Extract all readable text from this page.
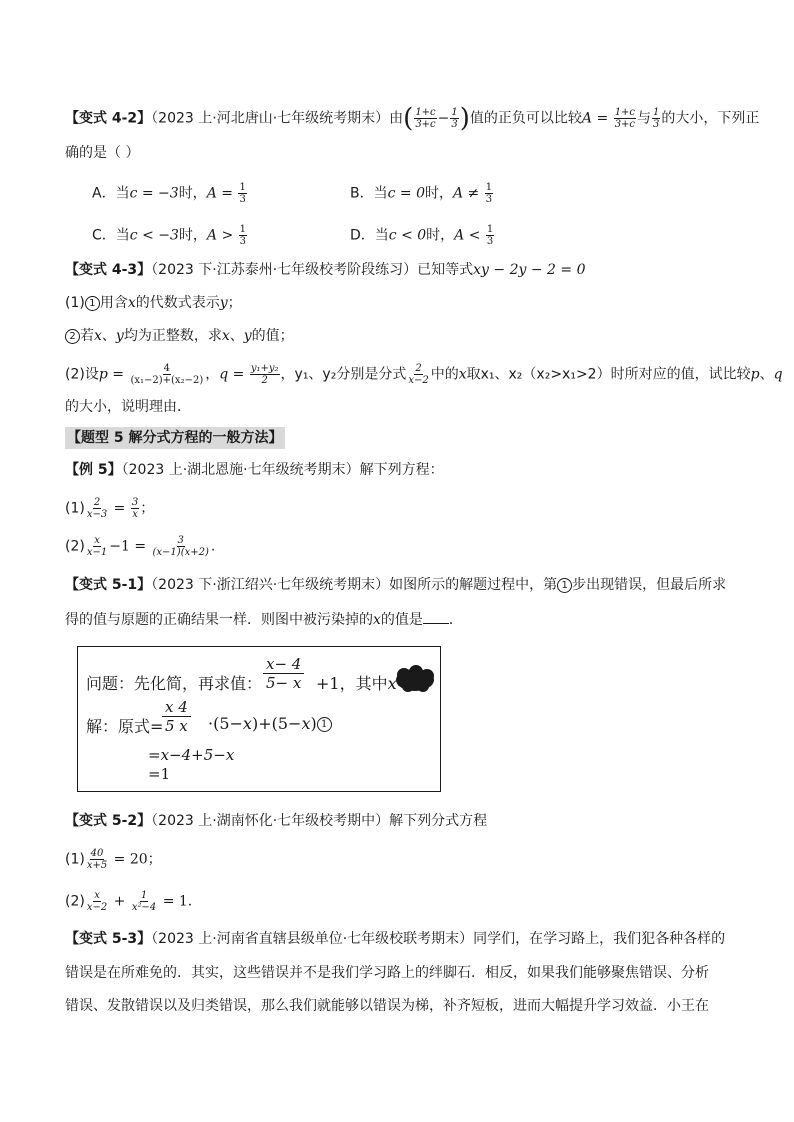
【变式 4-2】（2023 上·河北唐山·七年级统考期末）由( $\frac{1+c}{3+c} - \frac{1}{3}$ )值的正负可以比较$A = \frac{1+c}{3+c}$ 与 $\frac{1}{3}$ 的大小，下列正
确的是（ ）
A．当c = −3时，$A = \frac{1}{3}$	B．当c = 0时，$A \ne \frac{1}{3}$
C．当c < −3时，$A > \frac{1}{3}$	D．当c < 0时，$A < \frac{1}{3}$
【变式 4-3】（2023 下·江苏泰州·七年级校考阶段练习）已知等式xy − 2y − 2 = 0
(1) 1 用含x的代数式表示y；
2 若x、y均为正整数，求x、y的值；
(2)设$p = \frac{4}{\text{(x₁−2)+(x₂−2)}}$ ，$q = \frac{\text{y₁+y₂}}{2}$ ，y₁、y₂分别是分式 $\frac{2}{x-2}$ 中的x取x₁、x₂（x₂>x₁>2）时所对应的值，试比较p、q
的大小，说明理由．
【题型 5 解分式方程的一般方法】
【例 5】（2023 上·湖北恩施·七年级统考期末）解下列方程：
$(1) \frac{2}{x-3} = \frac{3}{x}$ ；
$(2) \frac{x}{x-1} -1 = \frac{3}{(x-1)(x+2)}$ .
【变式 5-1】（2023 下·浙江绍兴·七年级统考期末）如图所示的解题过程中，第 1 步出现错误，但最后所求
得的值与原题的正确结果一样．则图中被污染掉的x的值是 ．
问题：先化简，再求值： $\frac{x- 4}{5- x} +1$，其中x
解：原式=
$\frac{x 4}{5 x} \cdot(5-x)+(5-x)$ 1
=x−4+5−x
=1
【变式 5-2】（2023 上·湖南怀化·七年级校考期中）解下列分式方程
$(1) \frac{40}{x+5} = 20$；
$(2) \frac{x}{x-2} + \frac{1}{\text{x²−4}} = 1$.
【变式 5-3】（2023 上·河南省直辖县级单位·七年级校联考期末）同学们，在学习路上，我们犯各种各样的
错误是在所难免的．其实，这些错误并不是我们学习路上的绊脚石．相反，如果我们能够聚焦错误、分析
错误、发散错误以及归类错误，那么我们就能够以错误为梯，补齐短板，进而大幅提升学习效益．小王在
